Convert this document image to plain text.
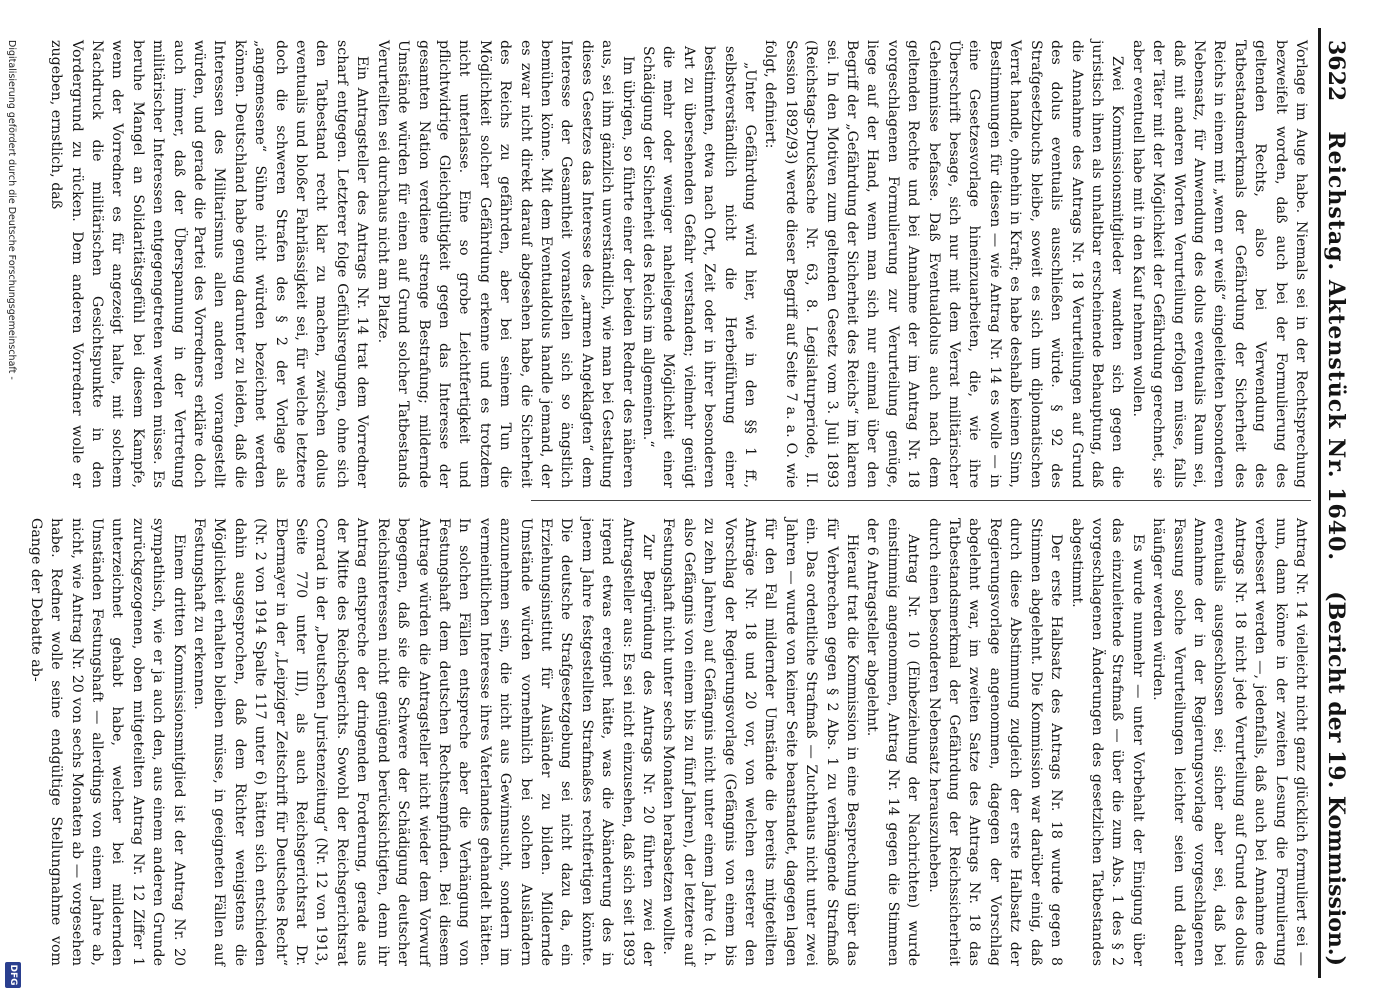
3622
Reichstag. Aktenstück Nr. 1640.
(Bericht der 19. Kommission.)

Vorlage im Auge habe. Niemals sei in der Rechtsprechung bezweifelt worden, daß auch bei der Formulierung des geltenden Rechts, also bei Verwendung des Tatbestandsmerkmals der Gefährdung der Sicherheit des Reichs in einem mit „wenn er weiß“ eingeleiteten besonderen Nebensatz, für Anwendung des dolus eventualis Raum sei, daß mit anderen Worten Verurteilung erfolgen müsse, falls der Täter mit der Möglichkeit der Gefährdung gerechnet, sie aber eventuell habe mit in den Kauf nehmen wollen.

Zwei Kommissionsmitglieder wandten sich gegen die juristisch ihnen als unhaltbar erscheinende Behauptung, daß die Annahme des Antrags Nr. 18 Verurteilungen auf Grund des dolus eventualis ausschließen würde. § 92 des Strafgesetzbuchs bleibe, soweit es sich um diplomatischen Verrat handle, ohnehin in Kraft; es habe deshalb keinen Sinn, Bestimmungen für diesen — wie Antrag Nr. 14 es wolle — in eine Gesetzesvorlage hineinzuarbeiten, die, wie ihre Überschrift besage, sich nur mit dem Verrat militärischer Geheimnisse befasse. Daß Eventualdolus auch nach dem geltenden Rechte und bei Annahme der im Antrag Nr. 18 vorgeschlagenen Formulierung zur Verurteilung genüge, liege auf der Hand, wenn man sich nur einmal über den Begriff der „Gefährdung der Sicherheit des Reichs“ im klaren sei. In den Motiven zum geltenden Gesetz vom 3. Juli 1893 (Reichstags-Drucksache Nr. 63, 8. Legislaturperiode, II. Session 1892/93) werde dieser Begriff auf Seite 7 a. a. O. wie folgt, definiert:

„Unter Gefährdung wird hier, wie in den §§ 1 ff., selbstverständlich nicht die Herbeiführung einer bestimmten, etwa nach Ort, Zeit oder in ihrer besonderen Art zu übersehenden Gefahr verstanden; vielmehr genügt die mehr oder weniger naheliegende Möglichkeit einer Schädigung der Sicherheit des Reichs im allgemeinen.“

Im übrigen, so führte einer der beiden Redner des näheren aus, sei ihm gänzlich unverständlich, wie man bei Gestaltung dieses Gesetzes das Interesse des „armen Angeklagten“ dem Interesse der Gesamtheit voranstellen sich so ängstlich bemühen könne. Mit dem Eventualdolus handle jemand, der es zwar nicht direkt darauf abgesehen habe, die Sicherheit des Reichs zu gefährden, aber bei seinem Tun die Möglichkeit solcher Gefährdung erkenne und es trotzdem nicht unterlasse. Eine so grobe Leichtfertigkeit und pflichtwidrige Gleichgültigkeit gegen das Interesse der gesamten Nation verdiene strenge Bestrafung; mildernde Umstände würden für einen auf Grund solcher Tatbestands Verurteilten sei durchaus nicht am Platze.

Ein Antragsteller des Antrags Nr. 14 trat dem Vorredner scharf entgegen. Letzterer folge Gefühlsregungen, ohne sich den Tatbestand recht klar zu machen, zwischen dolus eventualis und bloßer Fahrlässigkeit sei, für welche letztere doch die schweren Strafen des § 2 der Vorlage als „angemessene“ Sühne nicht würden bezeichnet werden können. Deutschland habe genug darunter zu leiden, daß die Interessen des Militarismus allen anderen vorangestellt würden, und gerade die Partei des Vorredners erkläre doch auch immer, daß der Überspannung in der Vertretung militärischer Interessen entgegengetreten werden müsse. Es beruhe Mangel an Solidaritätsgefühl bei diesem Kampfe, wenn der Vorredner es für angezeigt halte, mit solchem Nachdruck die militärischen Gesichtspunkte in den Vordergrund zu rücken. Dem anderen Vorredner wolle er zugeben, ernstlich, daß

Antrag Nr. 14 vielleicht nicht ganz glücklich formuliert sei — nun, dann könne in der zweiten Lesung die Formulierung verbessert werden —, jedenfalls, daß auch bei Annahme des Antrags Nr. 18 nicht jede Verurteilung auf Grund des dolus eventualis ausgeschlossen sei; sicher aber sei, daß bei Annahme der in der Regierungsvorlage vorgeschlagenen Fassung solche Verurteilungen leichter seien und daher häufiger werden würden.

Es wurde nunmehr — unter Vorbehalt der Einigung über das einzuleitende Strafmaß — über die zum Abs. 1 des § 2 vorgeschlagenen Änderungen des gesetzlichen Tatbestandes abgestimmt.

Der erste Halbsatz des Antrags Nr. 18 wurde gegen 8 Stimmen abgelehnt. Die Kommission war darüber einig, daß durch diese Abstimmung zugleich der erste Halbsatz der Regierungsvorlage angenommen, dagegen der Vorschlag abgelehnt war, im zweiten Satze des Antrags Nr. 18 das Tatbestandsmerkmal der Gefährdung der Reichssicherheit durch einen besonderen Nebensatz herauszuheben.

Antrag Nr. 10 (Einbeziehung der Nachrichten) wurde einstimmig angenommen, Antrag Nr. 14 gegen die Stimmen der 6 Antragsteller abgelehnt.

Hierauf trat die Kommission in eine Besprechung über das für Verbrechen gegen § 2 Abs. 1 zu verhängende Strafmaß ein. Das ordentliche Strafmaß — Zuchthaus nicht unter zwei Jahren — wurde von keiner Seite beanstandet, dagegen lagen für den Fall mildernder Umstände die bereits mitgeteilten Anträge Nr. 18 und 20 vor, von welchen ersterer den Vorschlag der Regierungsvorlage (Gefängnis von einem bis zu zehn Jahren) auf Gefängnis nicht unter einem Jahre (d. h. also Gefängnis von einem bis zu fünf Jahren), der letztere auf Festungshaft nicht unter sechs Monaten herabsetzen wollte.

Zur Begründung des Antrags Nr. 20 führten zwei der Antragsteller aus: Es sei nicht einzusehen, daß sich seit 1893 irgend etwas ereignet hätte, was die Abänderung des in jenem Jahre festgestellten Strafmaßes rechtfertigen könnte. Die deutsche Strafgesetzgebung sei nicht dazu da, ein Erziehungsinstitut für Ausländer zu bilden. Mildernde Umstände würden vornehmlich bei solchen Ausländern anzunehmen sein, die nicht aus Gewinnsucht, sondern im vermeintlichen Interesse ihres Vaterlandes gehandelt hätten. In solchen Fällen entspreche aber die Verhängung von Festungshaft dem deutschen Rechtsempfinden. Bei diesem Antrage würden die Antragsteller nicht wieder dem Vorwurf begegnen, daß sie die Schwere der Schädigung deutscher Reichsinteressen nicht genügend berücksichtigten, denn ihr Antrag entspreche der dringenden Forderung, gerade aus der Mitte des Reichsgerichts. Sowohl der Reichsgerichtsrat Conrad in der „Deutschen Juristenzeitung“ (Nr. 12 von 1913, Seite 770 unter III), als auch Reichsgerichtsrat Dr. Ebermayer in der „Leipziger Zeitschrift für Deutsches Recht“ (Nr. 2 von 1914 Spalte 117 unter 6) hätten sich entschieden dahin ausgesprochen, daß dem Richter wenigstens die Möglichkeit erhalten bleiben müsse, in geeigneten Fällen auf Festungshaft zu erkennen.

Einem dritten Kommissionsmitglied ist der Antrag Nr. 20 sympathisch, wie er ja auch den, aus einem anderen Grunde zurückgezogenen, oben mitgeteilten Antrag Nr. 12 Ziffer 1 unterzeichnet gehabt habe, welcher bei mildernden Umständen Festungshaft — allerdings von einem Jahre ab, nicht, wie Antrag Nr. 20 von sechs Monaten ab — vorgesehen habe. Redner wolle seine endgültige Stellungnahme vom Gange der Debatte ab-

Digitalisierung gefördert durch die Deutsche Forschungsgemeinschaft -
DFG
